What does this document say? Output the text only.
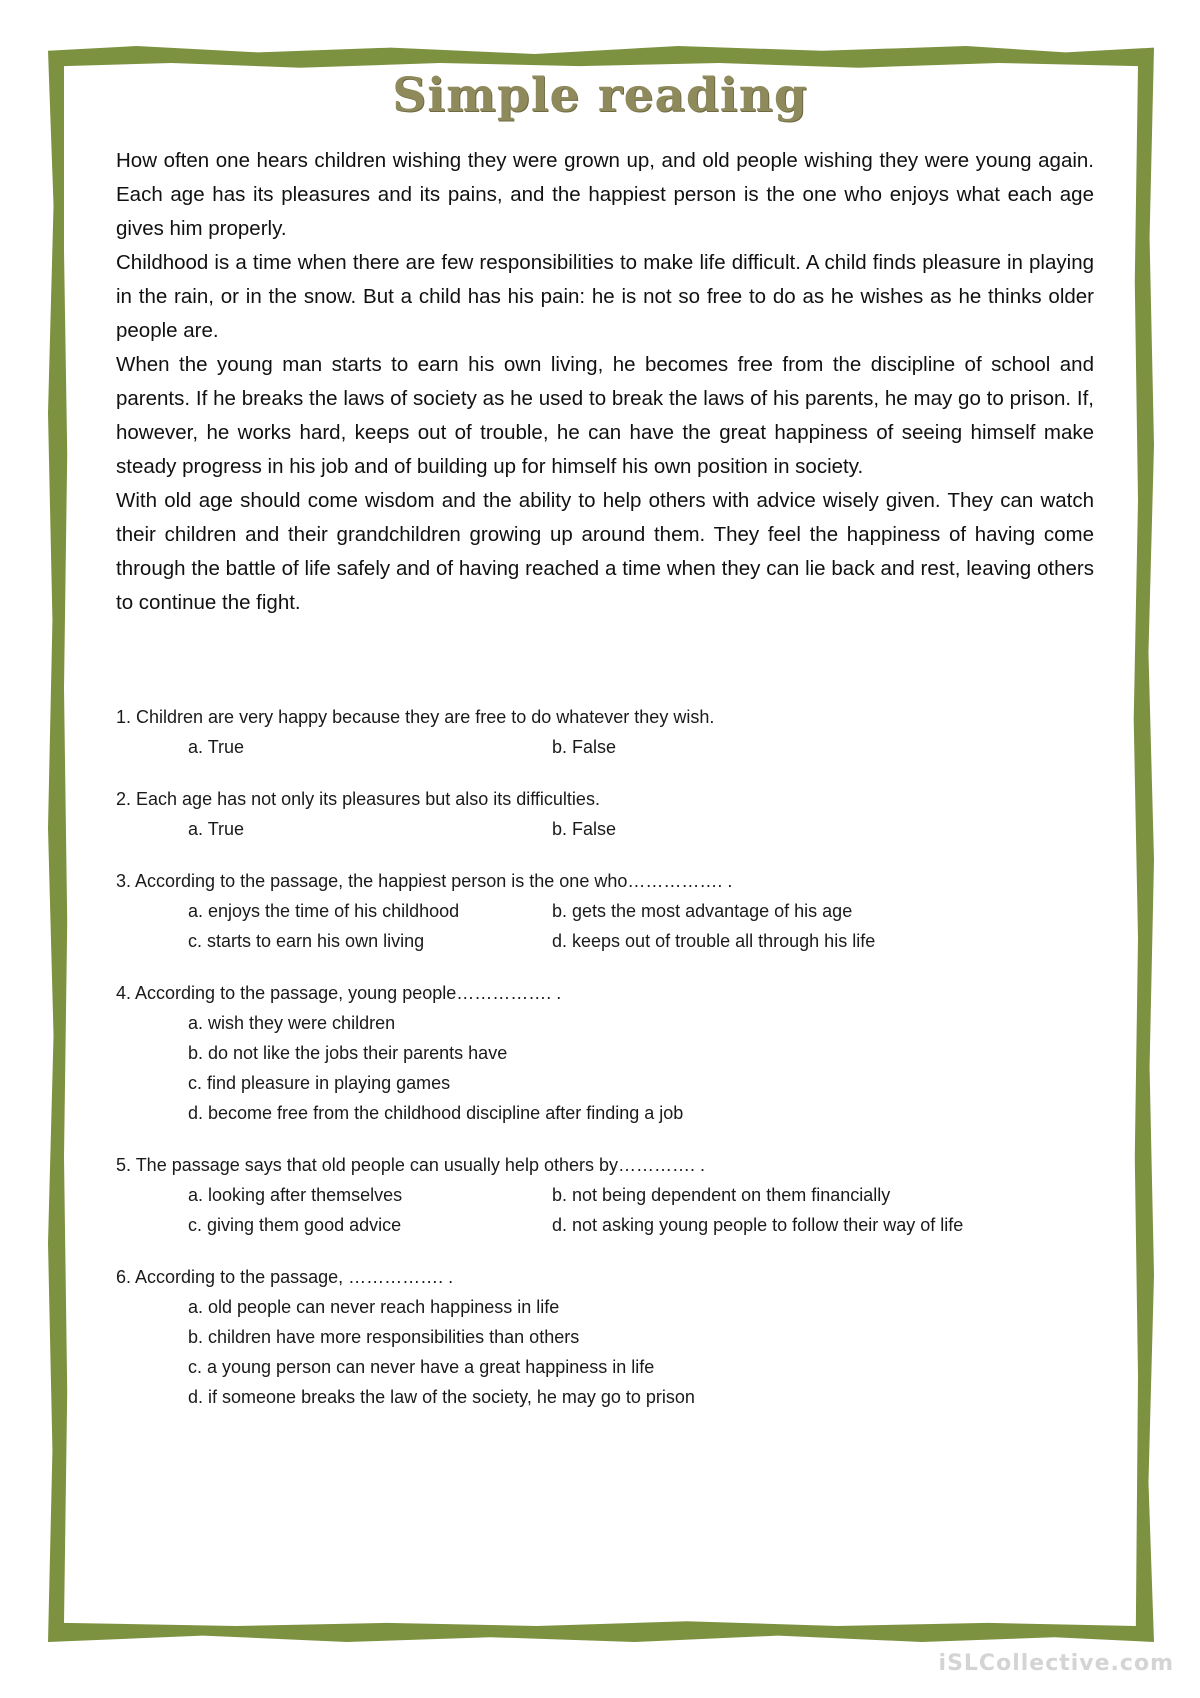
Simple reading

How often one hears children wishing they were grown up, and old people wishing they were young again. Each age has its pleasures and its pains, and the happiest person is the one who enjoys what each age gives him properly.

Childhood is a time when there are few responsibilities to make life difficult. A child finds pleasure in playing in the rain, or in the snow. But a child has his pain: he is not so free to do as he wishes as he thinks older people are.

When the young man starts to earn his own living, he becomes free from the discipline of school and parents. If he breaks the laws of society as he used to break the laws of his parents, he may go to prison. If, however, he works hard, keeps out of trouble, he can have the great happiness of seeing himself make steady progress in his job and of building up for himself his own position in society.

With old age should come wisdom and the ability to help others with advice wisely given. They can watch their children and their grandchildren growing up around them. They feel the happiness of having come through the battle of life safely and of having reached a time when they can lie back and rest, leaving others to continue the fight.

1. Children are very happy because they are free to do whatever they wish.

a. True	b. False

2. Each age has not only its pleasures but also its difficulties.

a. True	b. False

3. According to the passage, the happiest person is the one who……………. .

a. enjoys the time of his childhood	b. gets the most advantage of his age
c. starts to earn his own living	d. keeps out of trouble all through his life

4. According to the passage, young people……………. .

a. wish they were children
b. do not like the jobs their parents have
c. find pleasure in playing games
d. become free from the childhood discipline after finding a job

5. The passage says that old people can usually help others by…………. .

a. looking after themselves	b. not being dependent on them financially
c. giving them good advice	d. not asking young people to follow their way of life

6. According to the passage, ……………. .

a. old people can never reach happiness in life
b. children have more responsibilities than others
c. a young person can never have a great happiness in life
d. if someone breaks the law of the society, he may go to prison
iSLCollective.com
